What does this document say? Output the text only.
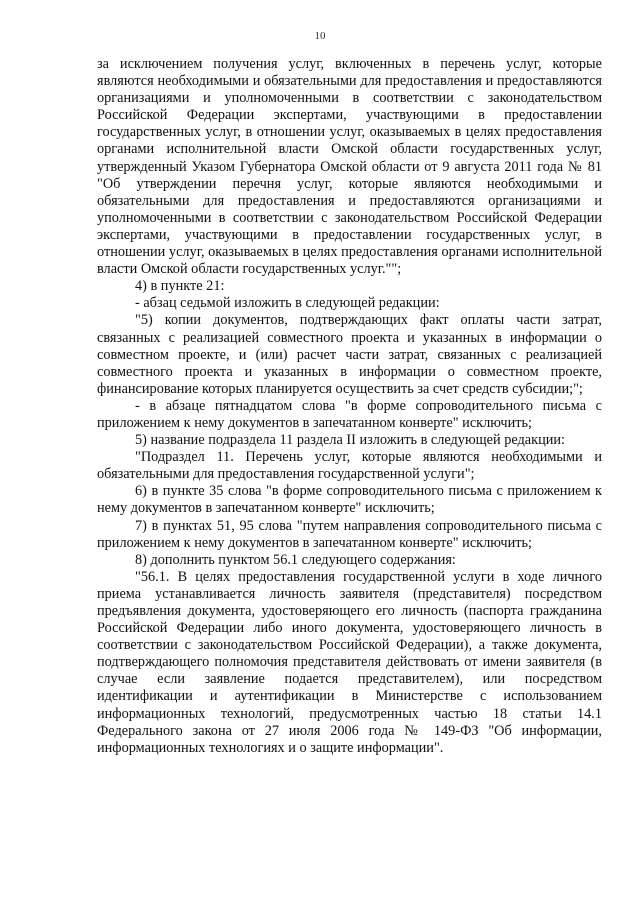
10

за исключением получения услуг, включенных в перечень услуг, которые являются необходимыми и обязательными для предоставления и предоставляются организациями и уполномоченными в соответствии с законодательством Российской Федерации экспертами, участвующими в предоставлении государственных услуг, в отношении услуг, оказываемых в целях предоставления органами исполнительной власти Омской области государственных услуг, утвержденный Указом Губернатора Омской области от 9 августа 2011 года № 81 "Об утверждении перечня услуг, которые являются необходимыми и обязательными для предоставления и предоставляются организациями и уполномоченными в соответствии с законодательством Российской Федерации экспертами, участвующими в предоставлении государственных услуг, в отношении услуг, оказываемых в целях предоставления органами исполнительной власти Омской области государственных услуг."";

4) в пункте 21:

- абзац седьмой изложить в следующей редакции:

"5) копии документов, подтверждающих факт оплаты части затрат, связанных с реализацией совместного проекта и указанных в информации о совместном проекте, и (или) расчет части затрат, связанных с реализацией совместного проекта и указанных в информации о совместном проекте, финансирование которых планируется осуществить за счет средств субсидии;";

- в абзаце пятнадцатом слова "в форме сопроводительного письма с приложением к нему документов в запечатанном конверте" исключить;

5) название подраздела 11 раздела II изложить в следующей редакции:

"Подраздел 11. Перечень услуг, которые являются необходимыми и обязательными для предоставления государственной услуги";

6) в пункте 35 слова "в форме сопроводительного письма с приложением к нему документов в запечатанном конверте" исключить;

7) в пунктах 51, 95 слова "путем направления сопроводительного письма с приложением к нему документов в запечатанном конверте" исключить;

8) дополнить пунктом 56.1 следующего содержания:

"56.1. В целях предоставления государственной услуги в ходе личного приема устанавливается личность заявителя (представителя) посредством предъявления документа, удостоверяющего его личность (паспорта гражданина Российской Федерации либо иного документа, удостоверяющего личность в соответствии с законодательством Российской Федерации), а также документа, подтверждающего полномочия представителя действовать от имени заявителя (в случае если заявление подается представителем), или посредством идентификации и аутентификации в Министерстве с использованием информационных технологий, предусмотренных частью 18 статьи 14.1 Федерального закона от 27 июля 2006 года № 149-ФЗ "Об информации, информационных технологиях и о защите информации".
